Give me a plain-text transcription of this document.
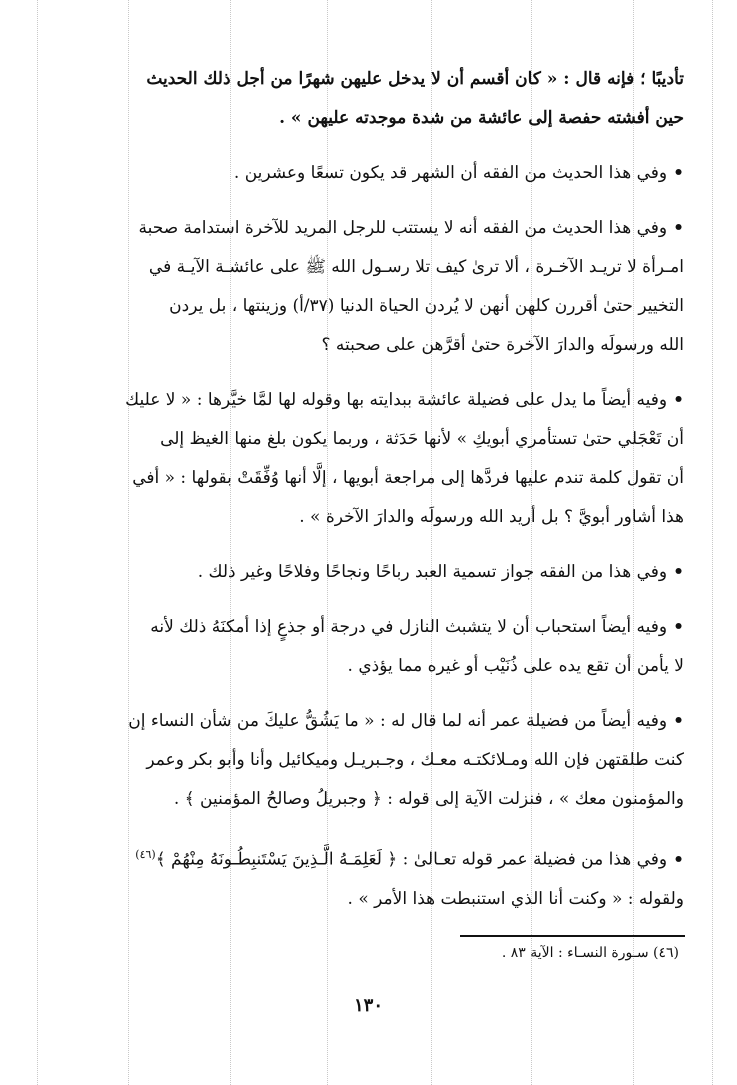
تأديبًا ؛ فإنه قال : « كان أقسم أن لا يدخل عليهن شهرًا من أجل ذلك الحديث
حين أفشته حفصة إلى عائشة من شدة موجدته عليهن » .

•وفي هذا الحديث من الفقه أن الشهر قد يكون تسعًا وعشرين .

•وفي هذا الحديث من الفقه أنه لا يستتب للرجل المريد للآخرة استدامة صحبة
امـرأة لا تريـد الآخـرة ، ألا ترىٰ كيف تلا رسـول الله ﷺ على عائشـة الآيـة في
التخيير حتىٰ أقررن كلهن أنهن لا يُردن الحياة الدنيا (٣٧/أ) وزينتها ، بل يردن
الله ورسولَه والدارَ الآخرة حتىٰ أقرَّهن على صحبته ؟

•وفيه أيضاً ما يدل على فضيلة عائشة ببدايته بها وقوله لها لمَّا خيَّرها : « لا عليك
أن تَعْجَلي حتىٰ تستأمري أبويكِ » لأنها حَدَثة ، وربما يكون بلغ منها الغيظ إلى
أن تقول كلمة تندم عليها فردَّها إلى مراجعة أبويها ، إلَّا أنها وُفِّقَتْ بقولها : « أفي
هذا أشاور أبويَّ ؟ بل أريد الله ورسولَه والدارَ الآخرة » .

•وفي هذا من الفقه جواز تسمية العبد رباحًا ونجاحًا وفلاحًا وغير ذلك .

•وفيه أيضاً استحباب أن لا يتشبث النازل في درجة أو جذعٍ إذا أمكنَهُ ذلك لأنه
لا يأمن أن تقع يده على ذُنَيْب أو غيره مما يؤذي .

•وفيه أيضاً من فضيلة عمر أنه لما قال له : « ما يَشُقُّ عليكَ من شأن النساء إن
كنت طلقتهن فإن الله ومـلائكتـه معـك ، وجـبريـل وميكائيل وأنا وأبو بكر وعمر
والمؤمنون معك » ، فنزلت الآية إلى قوله : ﴿ وجبريلُ وصالحُ المؤمنين ﴾ .

•وفي هذا من فضيلة عمر قوله تعـالىٰ : ﴿ لَعَلِمَـهُ الَّـذِينَ يَسْتَنبِطُـونَهُ مِنْهُمْ ﴾$^{(٤٦)}$
ولقوله : « وكنت أنا الذي استنبطت هذا الأمر » .

(٤٦) سـورة النسـاء : الآية ٨٣ .
١٣٠
